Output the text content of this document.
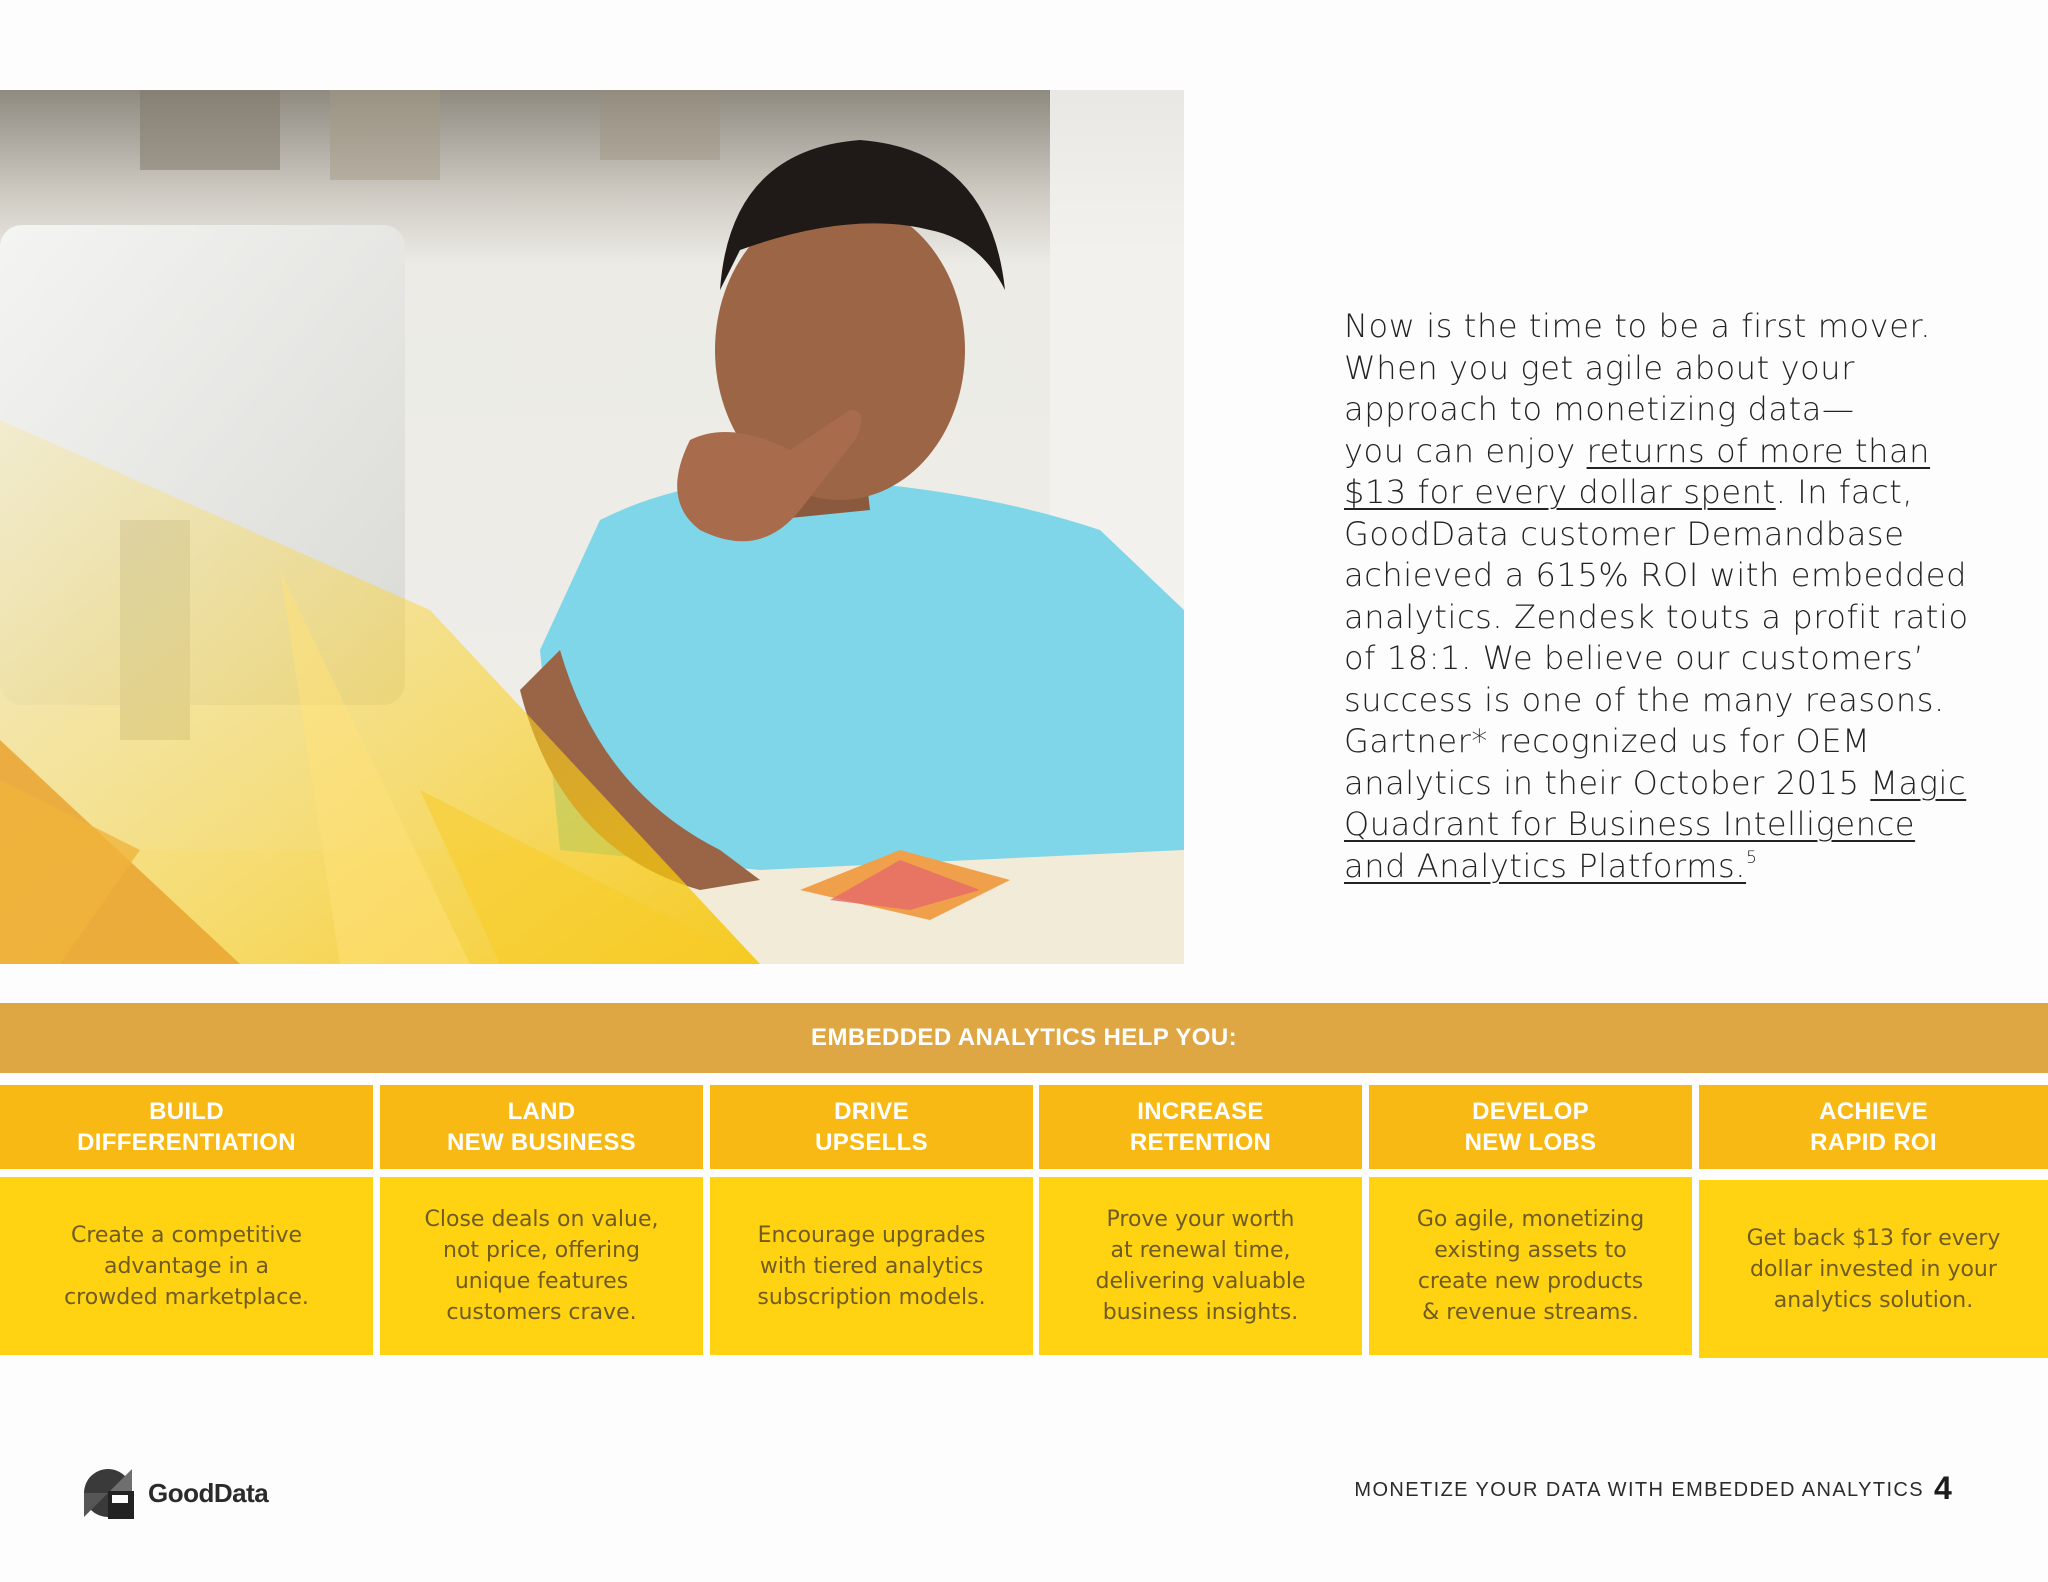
Now is the time to be a first mover.
When you get agile about your
approach to monetizing data—
you can enjoy returns of more than
$13 for every dollar spent. In fact,
GoodData customer Demandbase
achieved a 615% ROI with embedded
analytics. Zendesk touts a profit ratio
of 18:1. We believe our customers’
success is one of the many reasons.
Gartner* recognized us for OEM
analytics in their October 2015 Magic
Quadrant for Business Intelligence
and Analytics Platforms.$^5$
EMBEDDED ANALYTICS HELP YOU:
BUILD
DIFFERENTIATION
Create a competitive
advantage in a
crowded marketplace.
LAND
NEW BUSINESS
Close deals on value,
not price, offering
unique features
customers crave.
DRIVE
UPSELLS
Encourage upgrades
with tiered analytics
subscription models.
INCREASE
RETENTION
Prove your worth
at renewal time,
delivering valuable
business insights.
DEVELOP
NEW LOBS
Go agile, monetizing
existing assets to
create new products
& revenue streams.
ACHIEVE
RAPID ROI
Get back $13 for every
dollar invested in your
analytics solution.
GoodData	MONETIZE YOUR DATA WITH EMBEDDED ANALYTICS 4
